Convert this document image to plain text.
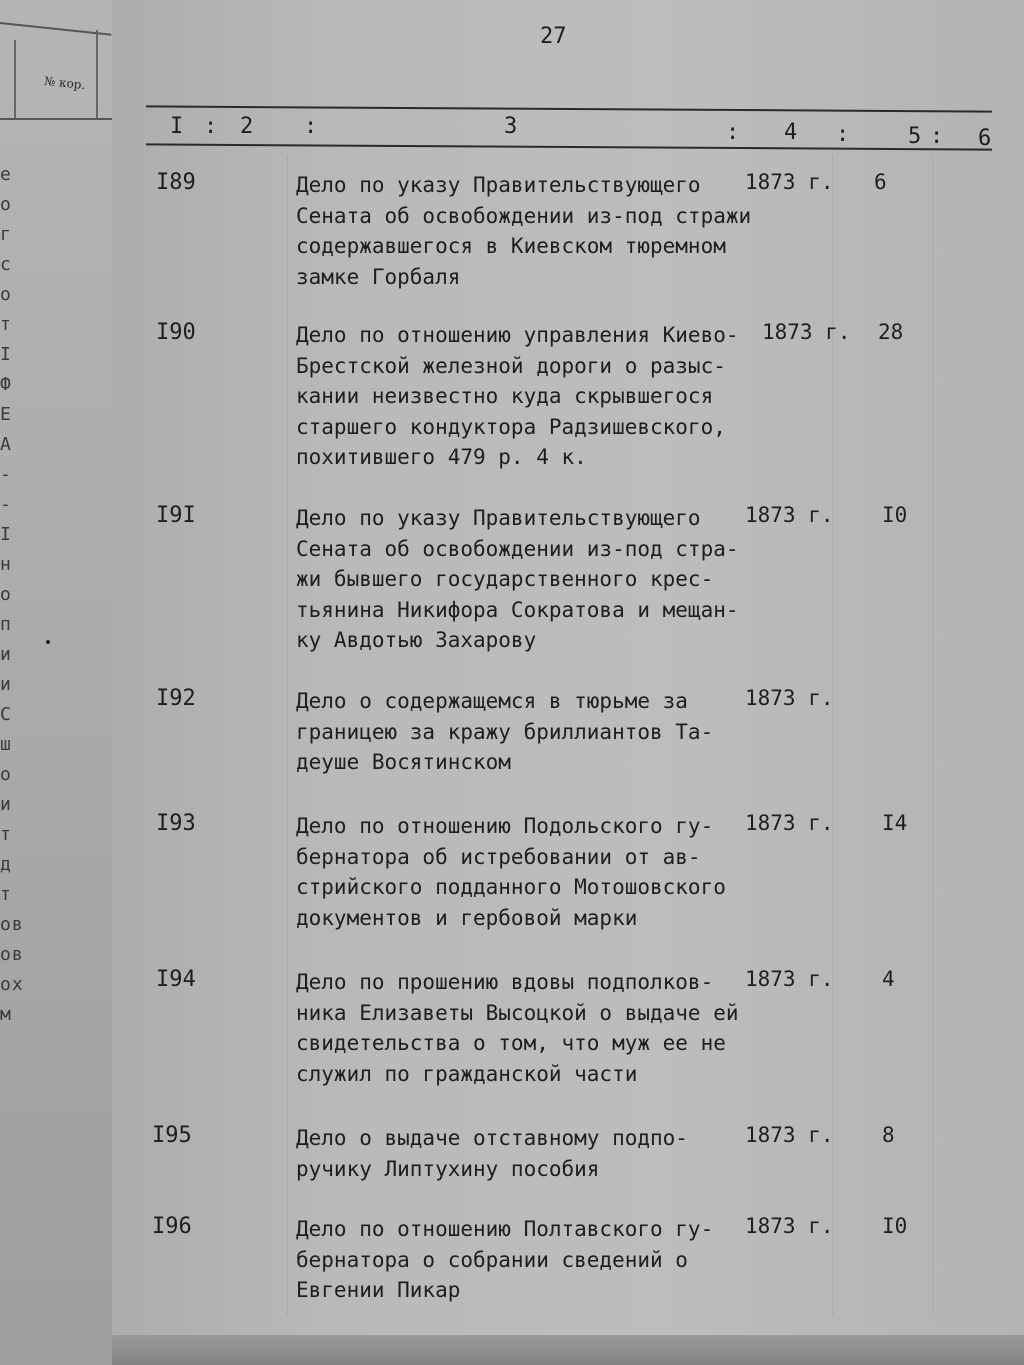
№ кор.
е
о
г
с
о
т
I
Ф
Е
А
-
-
I
н
о
п
и
и
С
ш
о
и
т
д
т
ов
ов
ох
м
27
I : 2 :	3	: 4 :	5 : 6
I89	Дело по указу Правительствующего
Сената об освобождении из-под стражи
содержавшегося в Киевском тюремном
замке Горбаля
1873 г. 6
I90	Дело по отношению управления Киево-
Брестской железной дороги о разыс-
кании неизвестно куда скрывшегося
старшего кондуктора Радзишевского,
похитившего 479 р. 4 к.
1873 г. 28
I9I	Дело по указу Правительствующего
Сената об освобождении из-под стра-
жи бывшего государственного крес-
тьянина Никифора Сократова и мещан-
ку Авдотью Захарову
1873 г. I0
I92	Дело о содержащемся в тюрьме за
границею за кражу бриллиантов Та-
деуше Восятинском
1873 г.
I93	Дело по отношению Подольского гу-
бернатора об истребовании от ав-
стрийского подданного Мотошовского
документов и гербовой марки
1873 г. I4
I94	Дело по прошению вдовы подполков-
ника Елизаветы Высоцкой о выдаче ей
свидетельства о том, что муж ее не
служил по гражданской части
1873 г. 4
I95	Дело о выдаче отставному подпо-
ручику Липтухину пособия
1873 г. 8
I96	Дело по отношению Полтавского гу-
бернатора о собрании сведений о
Евгении Пикар
1873 г. I0
